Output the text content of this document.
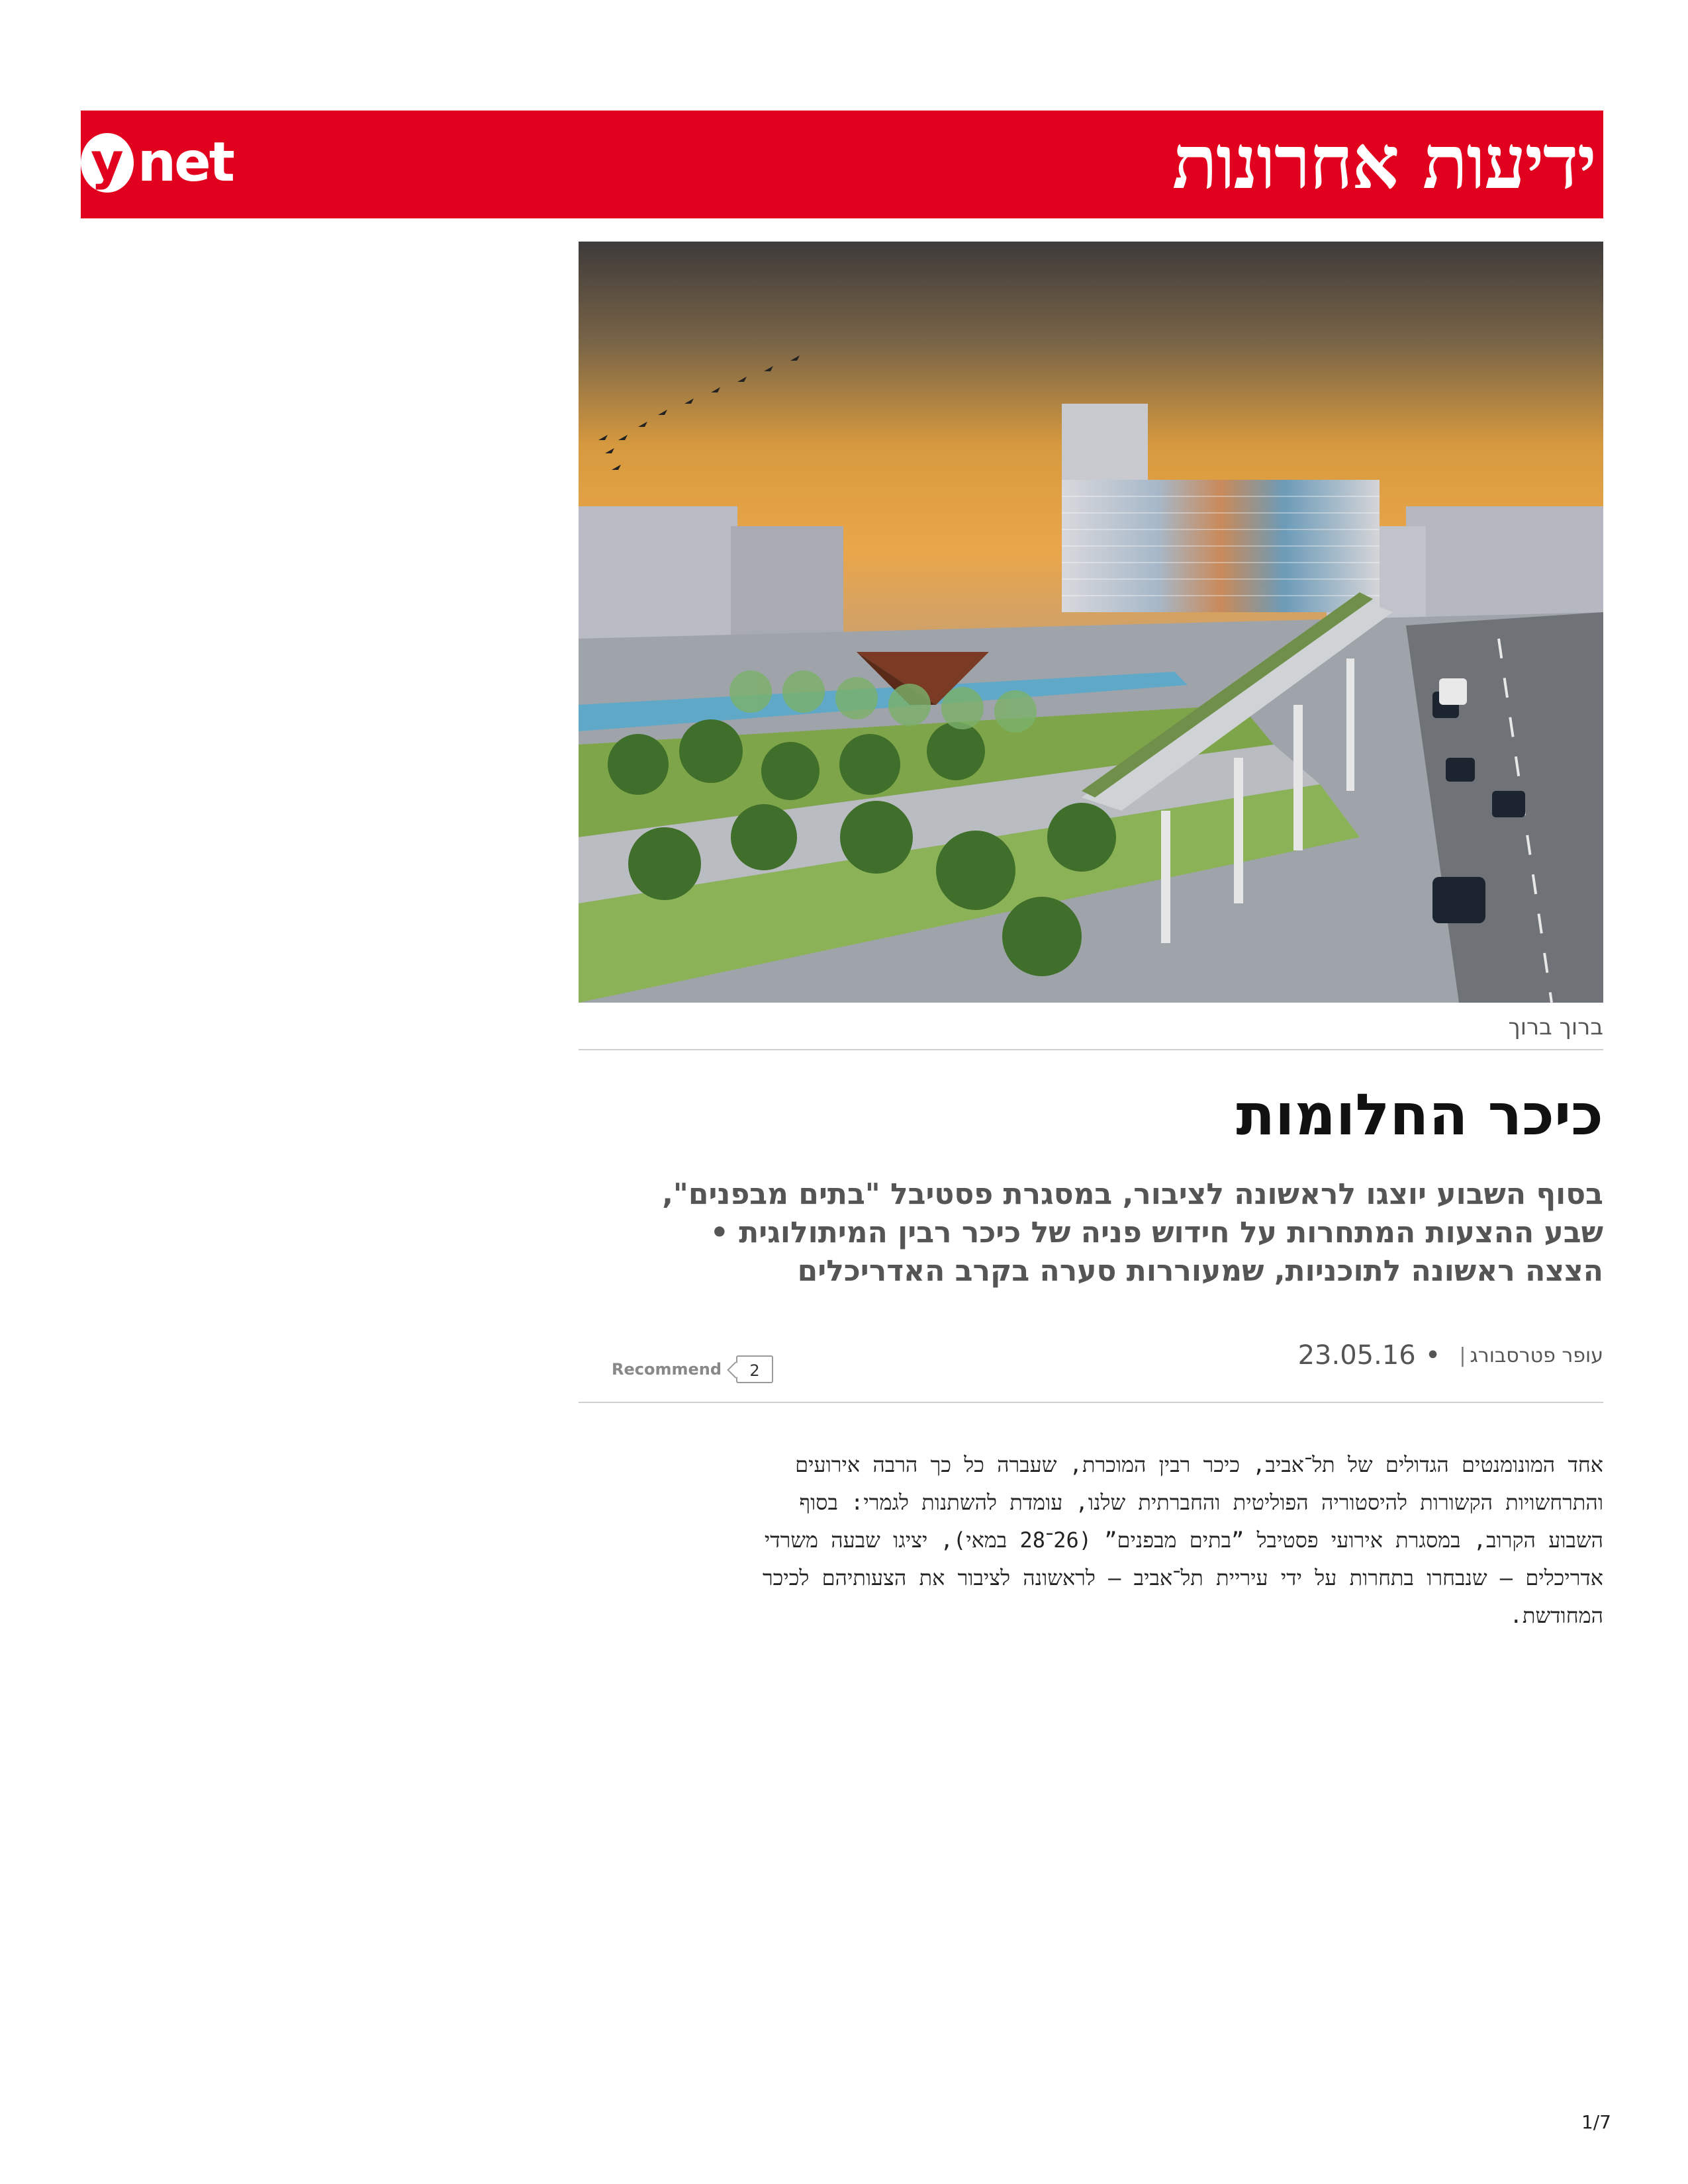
y net	ידיעות אחרונות
ברוך ברוך
כיכר החלומות
בסוף השבוע יוצגו לראשונה לציבור, במסגרת פסטיבל "בתים מבפנים",
שבע ההצעות המתחרות על חידוש פניה של כיכר רבין המיתולוגית •
הצצה ראשונה לתוכניות, שמעוררות סערה בקרב האדריכלים
עופר פטרסבורג
|
•
23.05.16
Recommend	2
אחד המונומנטים הגדולים של תל־אביב, כיכר רבין המוכרת, שעברה כל כך הרבה אירועים
והתרחשויות הקשורות להיסטוריה הפוליטית והחברתית שלנו, עומדת להשתנות לגמרי: בסוף
השבוע הקרוב, במסגרת אירועי פסטיבל ”בתים מבפנים” (26־28 במאי), יציגו שבעה משרדי
אדריכלים – שנבחרו בתחרות על ידי עיריית תל־אביב – לראשונה לציבור את הצעותיהם לכיכר
המחודשת.
1/7
